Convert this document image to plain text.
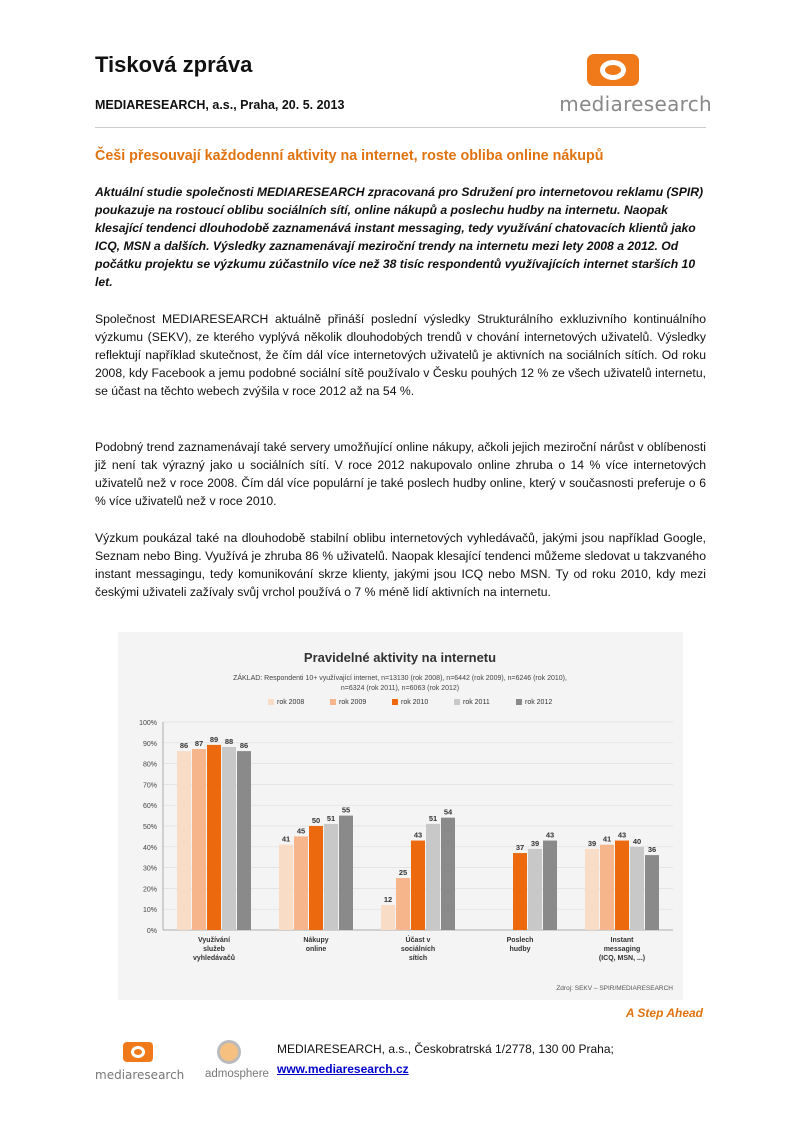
Tisková zpráva
MEDIARESEARCH, a.s., Praha, 20. 5. 2013	mediaresearch
Češi přesouvají každodenní aktivity na internet, roste obliba online nákupů
Aktuální studie společnosti MEDIARESEARCH zpracovaná pro Sdružení pro internetovou reklamu (SPIR) poukazuje na rostoucí oblibu sociálních sítí, online nákupů a poslechu hudby na internetu. Naopak klesající tendenci dlouhodobě zaznamenává instant messaging, tedy využívání chatovacích klientů jako ICQ, MSN a dalších. Výsledky zaznamenávají meziroční trendy na internetu mezi lety 2008 a 2012. Od počátku projektu se výzkumu zúčastnilo více než 38 tisíc respondentů využívajících internet starších 10 let.
Společnost MEDIARESEARCH aktuálně přináší poslední výsledky Strukturálního exkluzivního kontinuálního výzkumu (SEKV), ze kterého vyplývá několik dlouhodobých trendů v chování internetových uživatelů. Výsledky reflektují například skutečnost, že čím dál více internetových uživatelů je aktivních na sociálních sítích. Od roku 2008, kdy Facebook a jemu podobné sociální sítě používalo v Česku pouhých 12 % ze všech uživatelů internetu, se účast na těchto webech zvýšila v roce 2012 až na 54 %.
Podobný trend zaznamenávají také servery umožňující online nákupy, ačkoli jejich meziroční nárůst v oblíbenosti již není tak výrazný jako u sociálních sítí. V roce 2012 nakupovalo online zhruba o 14 % více internetových uživatelů než v roce 2008. Čím dál více populární je také poslech hudby online, který v současnosti preferuje o 6 % více uživatelů než v roce 2010.
Výzkum poukázal také na dlouhodobě stabilní oblibu internetových vyhledávačů, jakými jsou například Google, Seznam nebo Bing. Využívá je zhruba 86 % uživatelů. Naopak klesající tendenci můžeme sledovat u takzvaného instant messagingu, tedy komunikování skrze klienty, jakými jsou ICQ nebo MSN. Ty od roku 2010, kdy mezi českými uživateli zažívaly svůj vrchol používá o 7 % méně lidí aktivních na internetu.
Pravidelné aktivity na internetu
ZÁKLAD: Respondenti 10+ využívající internet, n=13130 (rok 2008), n=6442 (rok 2009), n=6246 (rok 2010),
n=6324 (rok 2011), n=6063 (rok 2012)
rok 2008	rok 2009	rok 2010	rok 2011	rok 2012
0%
10%
20%
30%
40%
50%
60%
70%
80%
90%
100%
86 87 89 88 86
Využívání
služeb
vyhledávačů
41
45
50 51
55
Nákupy
online
12
25
43
51
54
Účast v
sociálních
sítích
37 39
43
Poslech
hudby
39 41 43
40
36
Instant
messaging
(ICQ, MSN, ...)
Zdroj: SEKV – SPIR/MEDIARESEARCH
A Step Ahead
mediaresearch admosphere
MEDIARESEARCH, a.s., Českobratrská 1/2778, 130 00 Praha;
www.mediaresearch.cz
